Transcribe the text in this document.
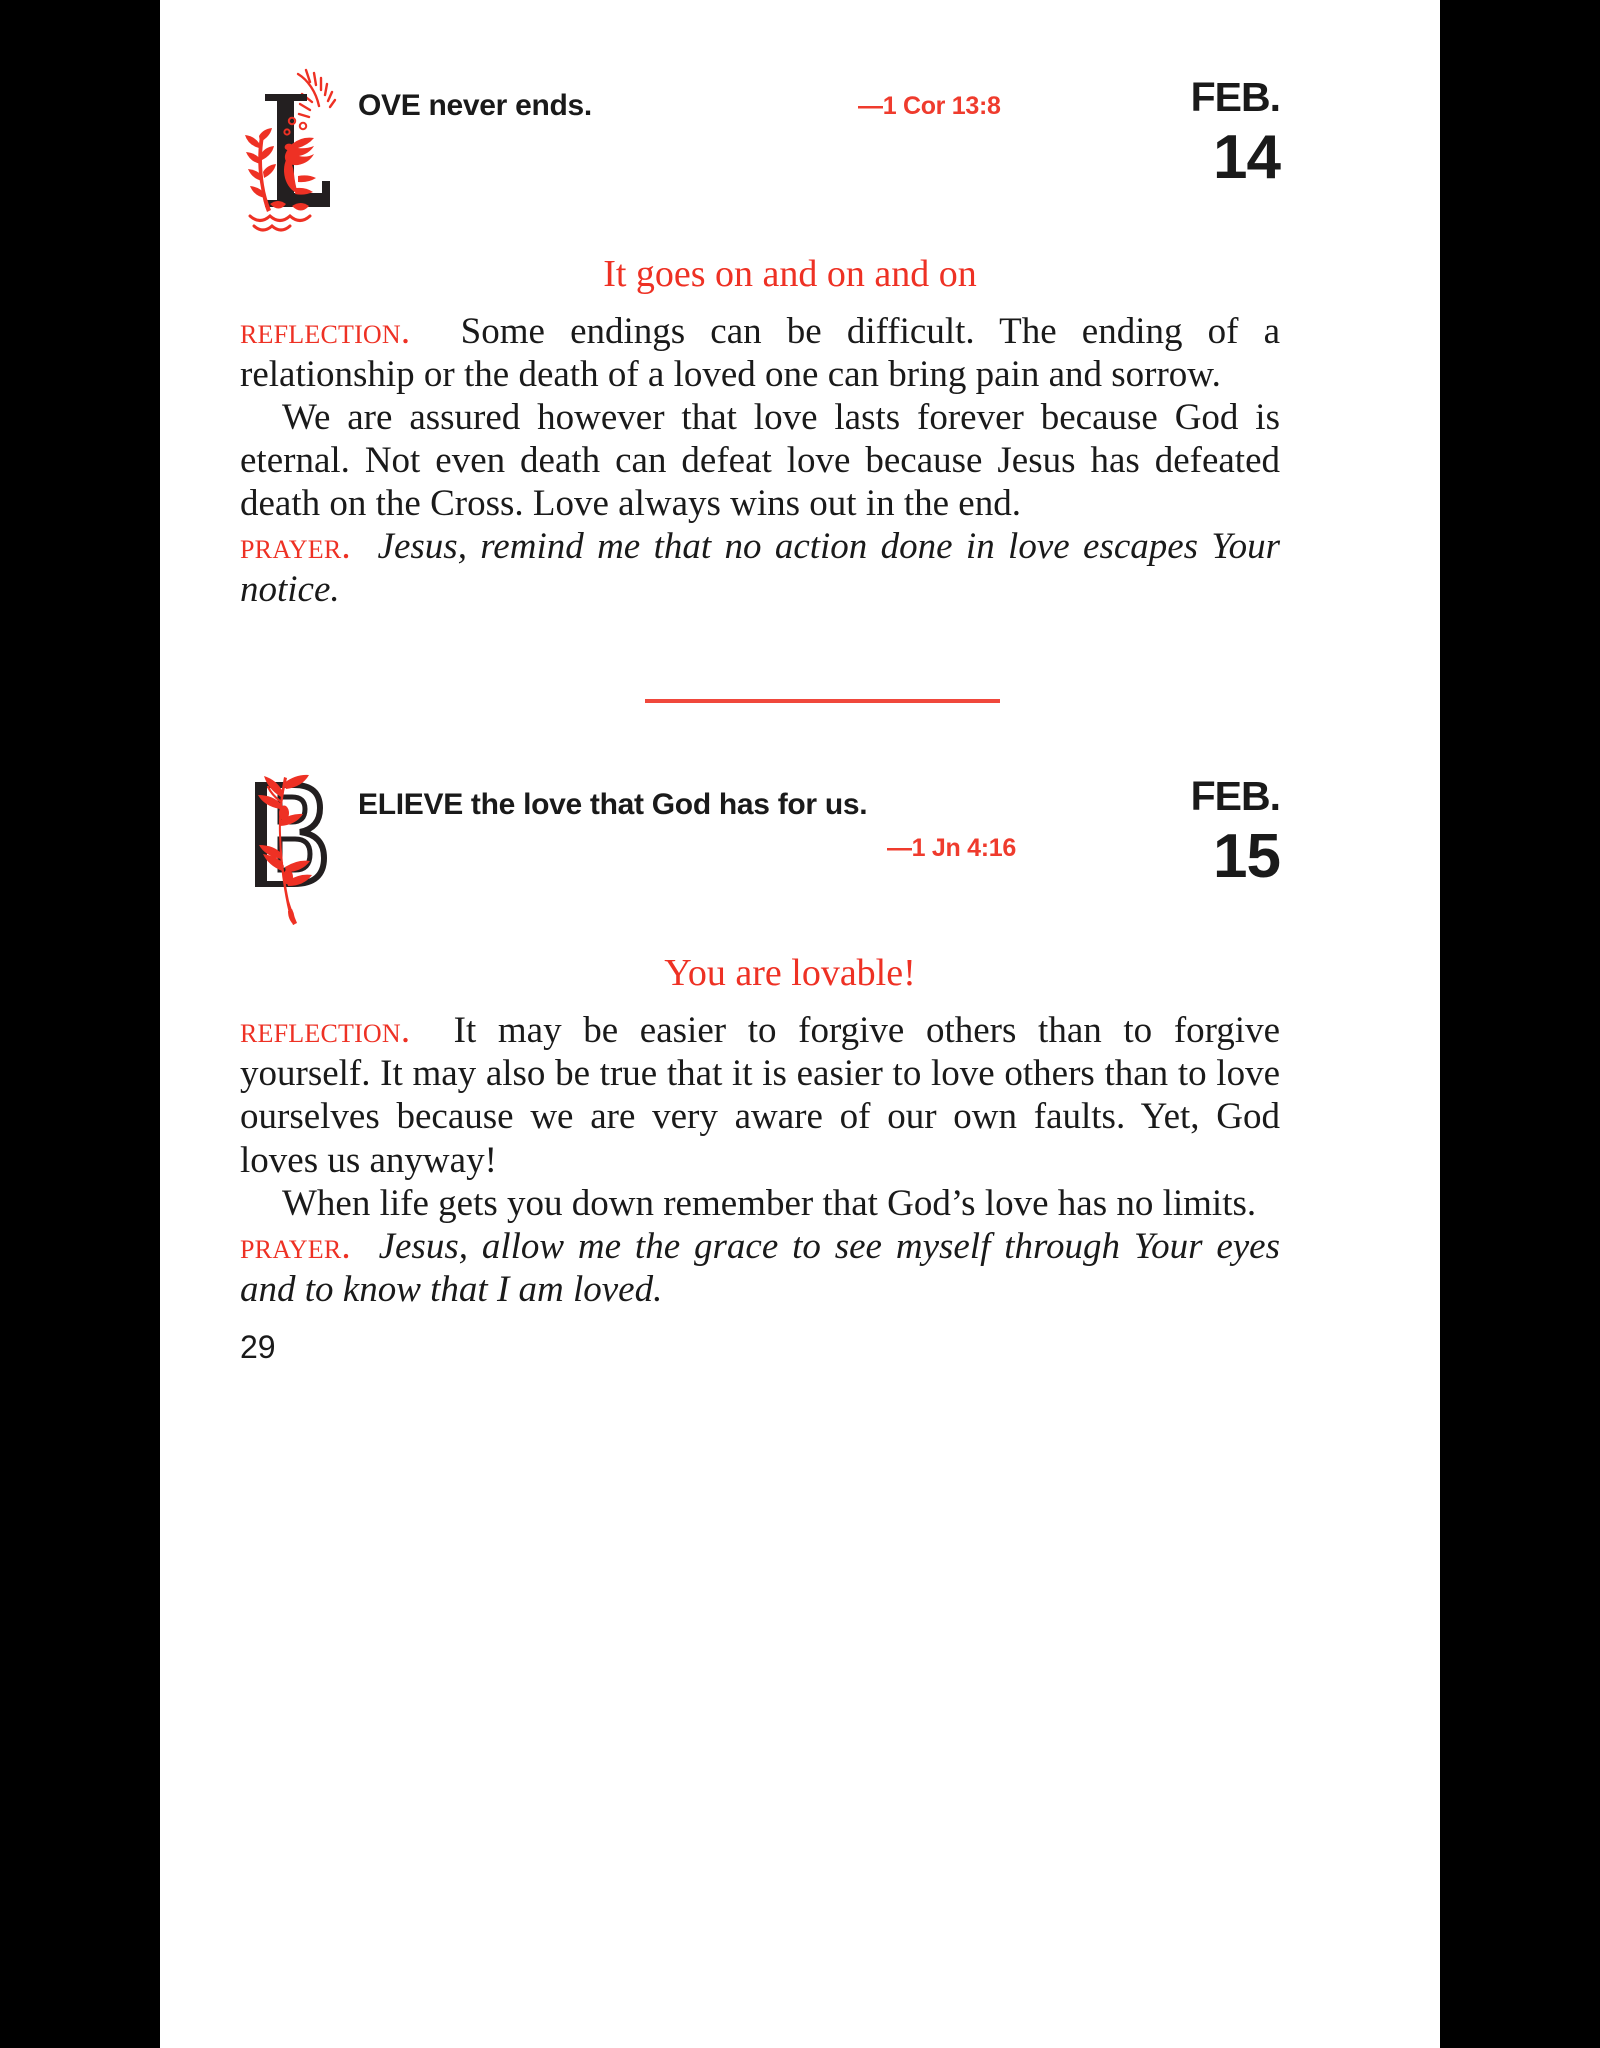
OVE never ends.	—1 Cor 13:8	FEB.
14
It goes on and on and on

reflection. Some endings can be difficult. The ending of a relationship or the death of a loved one can bring pain and sorrow.

We are assured however that love lasts forever because God is eternal. Not even death can defeat love because Jesus has defeated death on the Cross. Love always wins out in the end.

prayer. Jesus, remind me that no action done in love escapes Your notice.

ELIEVE the love that God has for us.
—1 Jn 4:16
FEB.
15
You are lovable!

reflection. It may be easier to forgive others than to forgive yourself. It may also be true that it is easier to love others than to love ourselves because we are very aware of our own faults. Yet, God loves us anyway!

When life gets you down remember that God’s love has no limits.

prayer. Jesus, allow me the grace to see myself through Your eyes and to know that I am loved.

29
